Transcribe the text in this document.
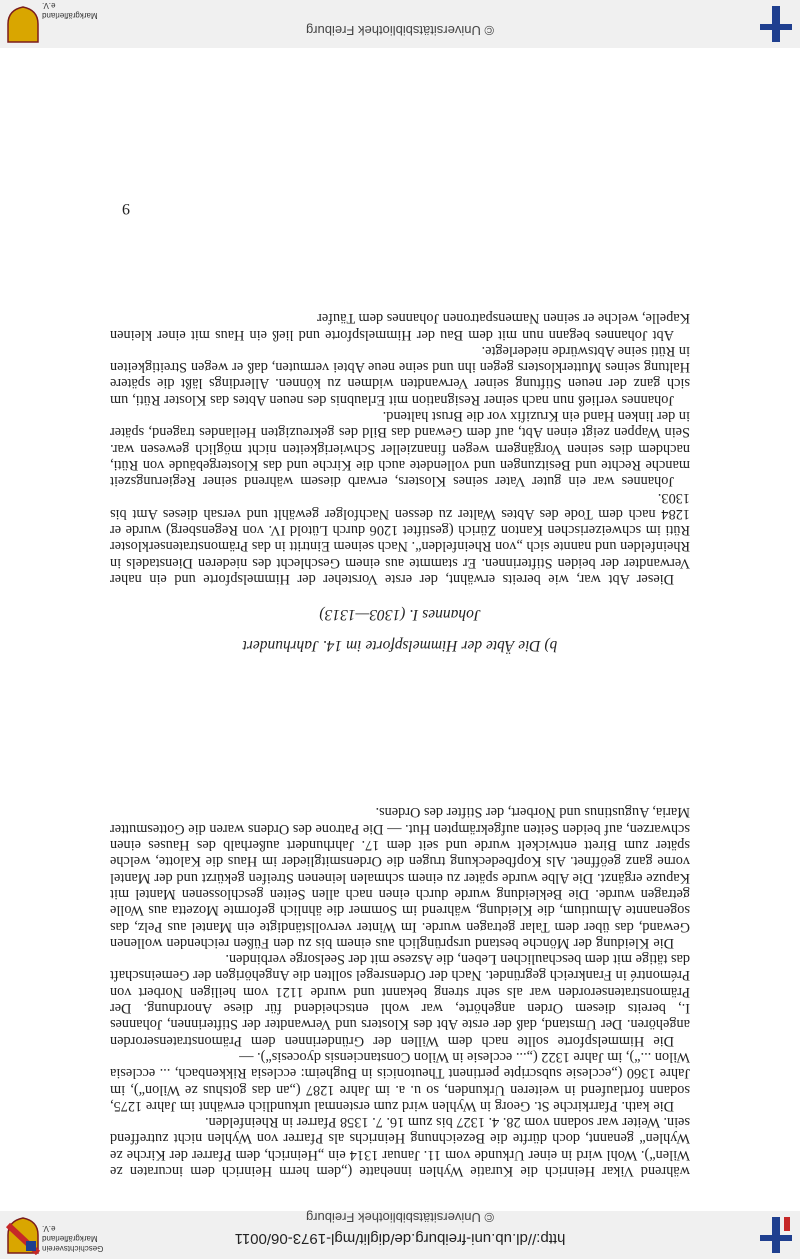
http://dl.ub.uni-freiburg.de/diglit/mgl-1973-06/0011
© Universitätsbibliothek Freiburg
Geschichtsverein Markgräflerland e.V.

während Vikar Heinrich die Kuratie Wyhlen innehatte („dem herrn Heinrich dem incuraten ze Wilen“). Wohl wird in einer Urkunde vom 11. Januar 1314 ein „Heinrich, dem Pfarrer der Kirche ze Wyhlen“ genannt, doch dürfte die Bezeichnung Heinrichs als Pfarrer von Wyhlen nicht zutreffend sein. Weiter war sodann vom 28. 4. 1327 bis zum 16. 7. 1358 Pfarrer in Rheinfelden.

Die kath. Pfarrkirche St. Georg in Wyhlen wird zum erstenmal urkundlich erwähnt im Jahre 1275, sodann fortlaufend in weiteren Urkunden, so u. a. im Jahre 1287 („an das gotshus ze Wilon“), im Jahre 1360 („ecclesie subscripte pertinent Theutonicis in Bugheim: ecclesia Rikkenbach, ... ecclesia Wilon ...“), im Jahre 1322 („... ecclesie in Wilon Constanciensis dyocesis“). —

Die Himmelspforte sollte nach dem Willen der Gründerinnen dem Prämonstratenserorden angehören. Der Umstand, daß der erste Abt des Klosters und Verwandter der Stifterinnen, Johannes I., bereits diesem Orden angehörte, war wohl entscheidend für diese Anordnung. Der Prämonstratenserorden war als sehr streng bekannt und wurde 1121 vom heiligen Norbert von Prémontré in Frankreich gegründet. Nach der Ordensregel sollten die Angehörigen der Gemeinschaft das tätige mit dem beschaulichen Leben, die Aszese mit der Seelsorge verbinden.

Die Kleidung der Mönche bestand ursprünglich aus einem bis zu den Füßen reichenden wollenen Gewand, das über dem Talar getragen wurde. Im Winter vervollständigte ein Mantel aus Pelz, das sogenannte Almutium, die Kleidung, während im Sommer die ähnlich geformte Mozetta aus Wolle getragen wurde. Die Bekleidung wurde durch einen nach allen Seiten geschlossenen Mantel mit Kapuze ergänzt. Die Albe wurde später zu einem schmalen leinenen Streifen gekürzt und der Mantel vorne ganz geöffnet. Als Kopfbedeckung trugen die Ordensmitglieder im Haus die Kalotte, welche später zum Birett entwickelt wurde und seit dem 17. Jahrhundert außerhalb des Hauses einen schwarzen, auf beiden Seiten aufgekrämpten Hut. — Die Patrone des Ordens waren die Gottesmutter Maria, Augustinus und Norbert, der Stifter des Ordens.

b) Die Äbte der Himmelspforte im 14. Jahrhundert
Johannes I. (1303—1313)

Dieser Abt war, wie bereits erwähnt, der erste Vorsteher der Himmelspforte und ein naher Verwandter der beiden Stifterinnen. Er stammte aus einem Geschlecht des niederen Dienstadels in Rheinfelden und nannte sich „von Rheinfelden“. Nach seinem Eintritt in das Prämonstratenserkloster Rüti im schweizerischen Kanton Zürich (gestiftet 1206 durch Lütold IV. von Regensberg) wurde er 1284 nach dem Tode des Abtes Walter zu dessen Nachfolger gewählt und versah dieses Amt bis 1303.

Johannes war ein guter Vater seines Klosters, erwarb diesem während seiner Regierungszeit manche Rechte und Besitzungen und vollendete auch die Kirche und das Klostergebäude von Rüti, nachdem dies seinen Vorgängern wegen finanzieller Schwierigkeiten nicht möglich gewesen war. Sein Wappen zeigt einen Abt, auf dem Gewand das Bild des gekreuzigten Heilandes tragend, später in der linken Hand ein Kruzifix vor die Brust haltend.

Johannes verließ nun nach seiner Resignation mit Erlaubnis des neuen Abtes das Kloster Rüti, um sich ganz der neuen Stiftung seiner Verwandten widmen zu können. Allerdings läßt die spätere Haltung seines Mutterklosters gegen ihn und seine neue Abtei vermuten, daß er wegen Streitigkeiten in Rüti seine Abtswürde niederlegte.

Abt Johannes begann nun mit dem Bau der Himmelspforte und ließ ein Haus mit einer kleinen Kapelle, welche er seinen Namenspatronen Johannes dem Täufer

9
© Universitätsbibliothek Freiburg
Markgräflerland e.V.
